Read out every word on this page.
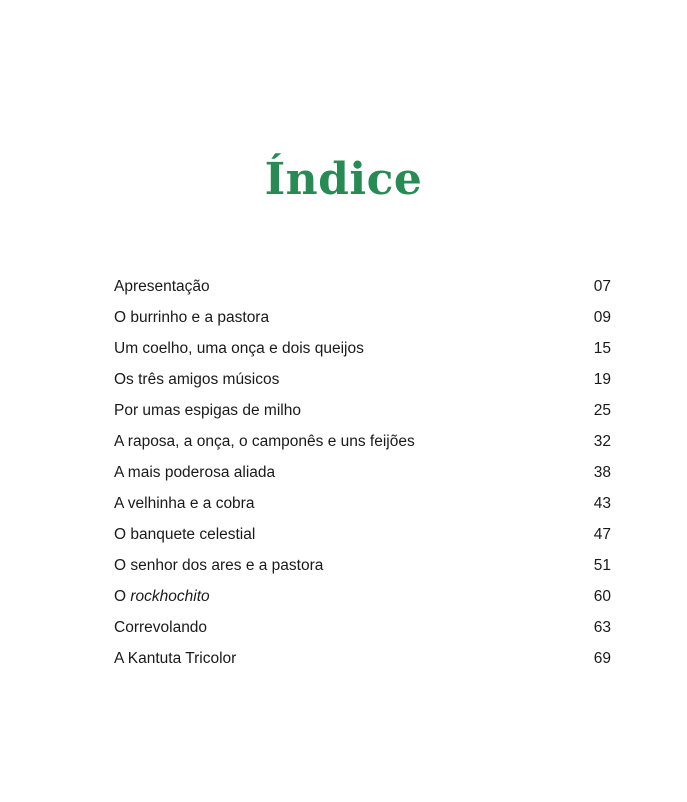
Índice
Apresentação	07
O burrinho e a pastora	09
Um coelho, uma onça e dois queijos	15
Os três amigos músicos	19
Por umas espigas de milho	25
A raposa, a onça, o camponês e uns feijões	32
A mais poderosa aliada	38
A velhinha e a cobra	43
O banquete celestial	47
O senhor dos ares e a pastora	51
O rockhochito	60
Correvolando	63
A Kantuta Tricolor	69
